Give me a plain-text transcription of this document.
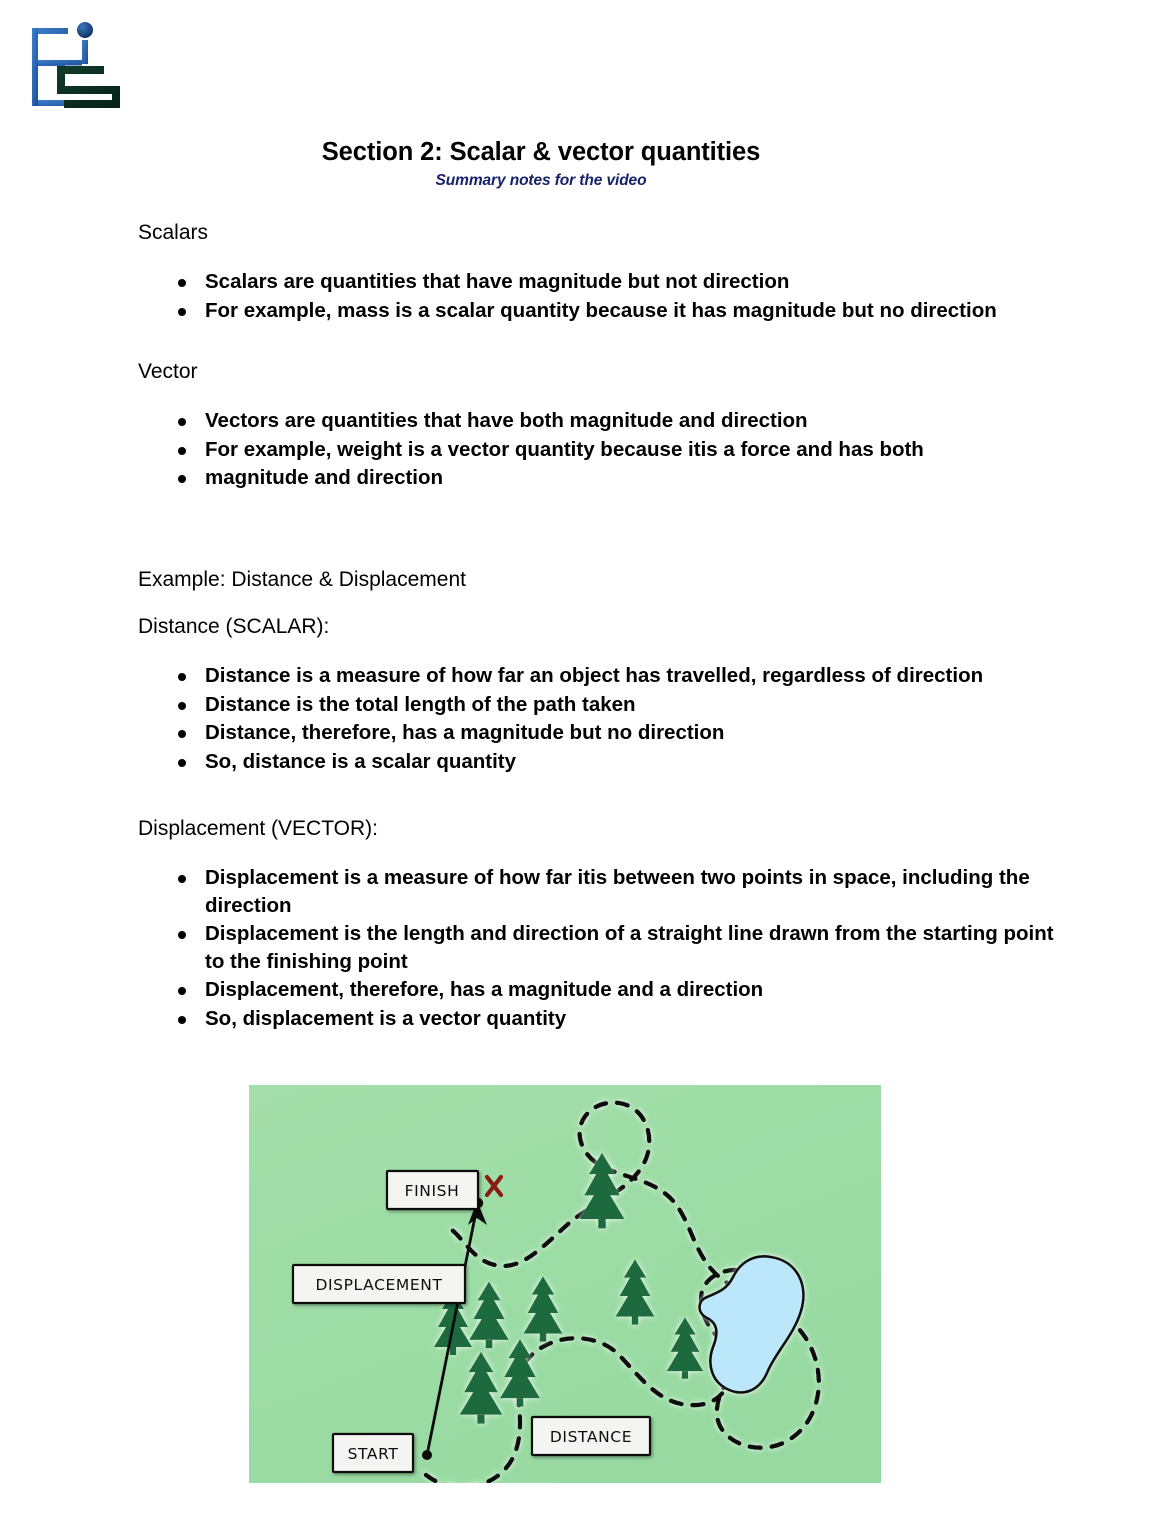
Section 2: Scalar & vector quantities
Summary notes for the video
Scalars
Scalars are quantities that have magnitude but not direction
For example, mass is a scalar quantity because it has magnitude but no direction
Vector
Vectors are quantities that have both magnitude and direction
For example, weight is a vector quantity because itis a force and has both
magnitude and direction
Example: Distance & Displacement
Distance (SCALAR):
Distance is a measure of how far an object has travelled, regardless of direction
Distance is the total length of the path taken
Distance, therefore, has a magnitude but no direction
So, distance is a scalar quantity
Displacement (VECTOR):
Displacement is a measure of how far itis between two points in space, including the direction
Displacement is the length and direction of a straight line drawn from the starting point to the finishing point
Displacement, therefore, has a magnitude and a direction
So, displacement is a vector quantity
FINISH
DISPLACEMENT
START
DISTANCE
